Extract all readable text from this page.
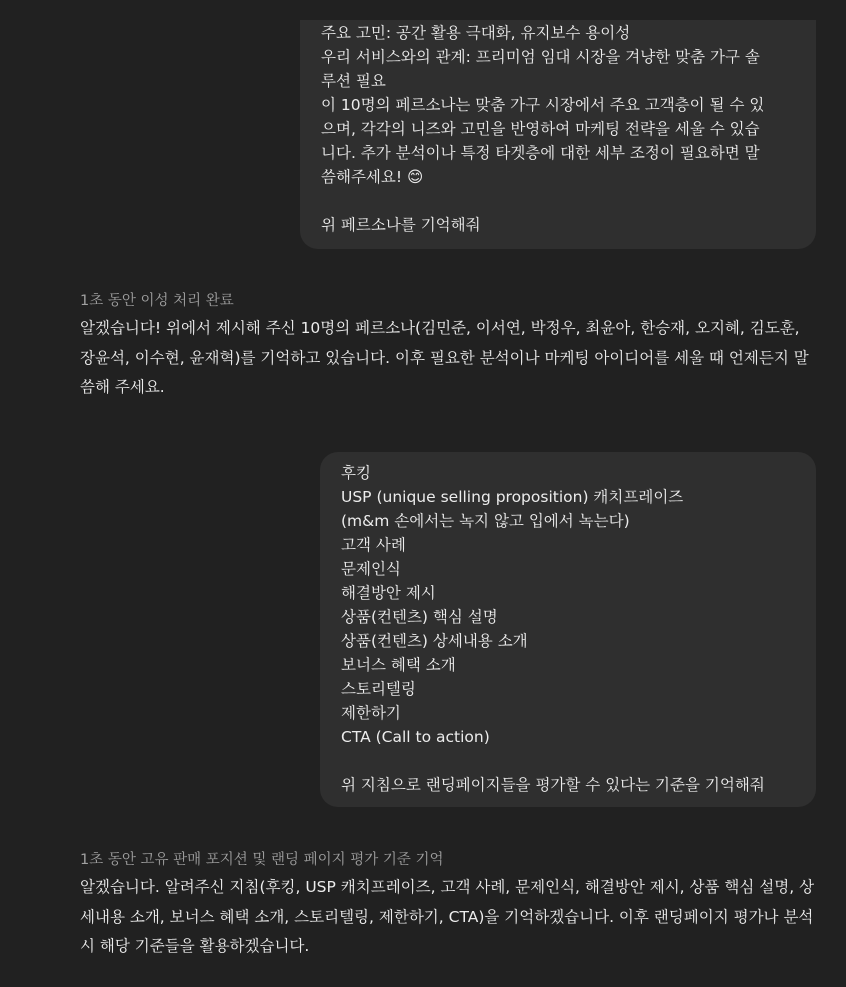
주요 고민: 공간 활용 극대화, 유지보수 용이성
우리 서비스와의 관계: 프리미엄 임대 시장을 겨냥한 맞춤 가구 솔
루션 필요
이 10명의 페르소나는 맞춤 가구 시장에서 주요 고객층이 될 수 있
으며, 각각의 니즈와 고민을 반영하여 마케팅 전략을 세울 수 있습
니다. 추가 분석이나 특정 타겟층에 대한 세부 조정이 필요하면 말
씀해주세요! 😊
위 페르소나를 기억해줘
1초 동안 이성 처리 완료
알겠습니다! 위에서 제시해 주신 10명의 페르소나(김민준, 이서연, 박정우, 최윤아, 한승재, 오지혜, 김도훈, 장윤석, 이수현, 윤재혁)를 기억하고 있습니다. 이후 필요한 분석이나 마케팅 아이디어를 세울 때 언제든지 말씀해 주세요.
후킹
USP (unique selling proposition) 캐치프레이즈
(m&m 손에서는 녹지 않고 입에서 녹는다)
고객 사례
문제인식
해결방안 제시
상품(컨텐츠) 핵심 설명
상품(컨텐츠) 상세내용 소개
보너스 혜택 소개
스토리텔링
제한하기
CTA (Call to action)
위 지침으로 랜딩페이지들을 평가할 수 있다는 기준을 기억해줘
1초 동안 고유 판매 포지션 및 랜딩 페이지 평가 기준 기억
알겠습니다. 알려주신 지침(후킹, USP 캐치프레이즈, 고객 사례, 문제인식, 해결방안 제시, 상품 핵심 설명, 상세내용 소개, 보너스 혜택 소개, 스토리텔링, 제한하기, CTA)을 기억하겠습니다. 이후 랜딩페이지 평가나 분석 시 해당 기준들을 활용하겠습니다.
